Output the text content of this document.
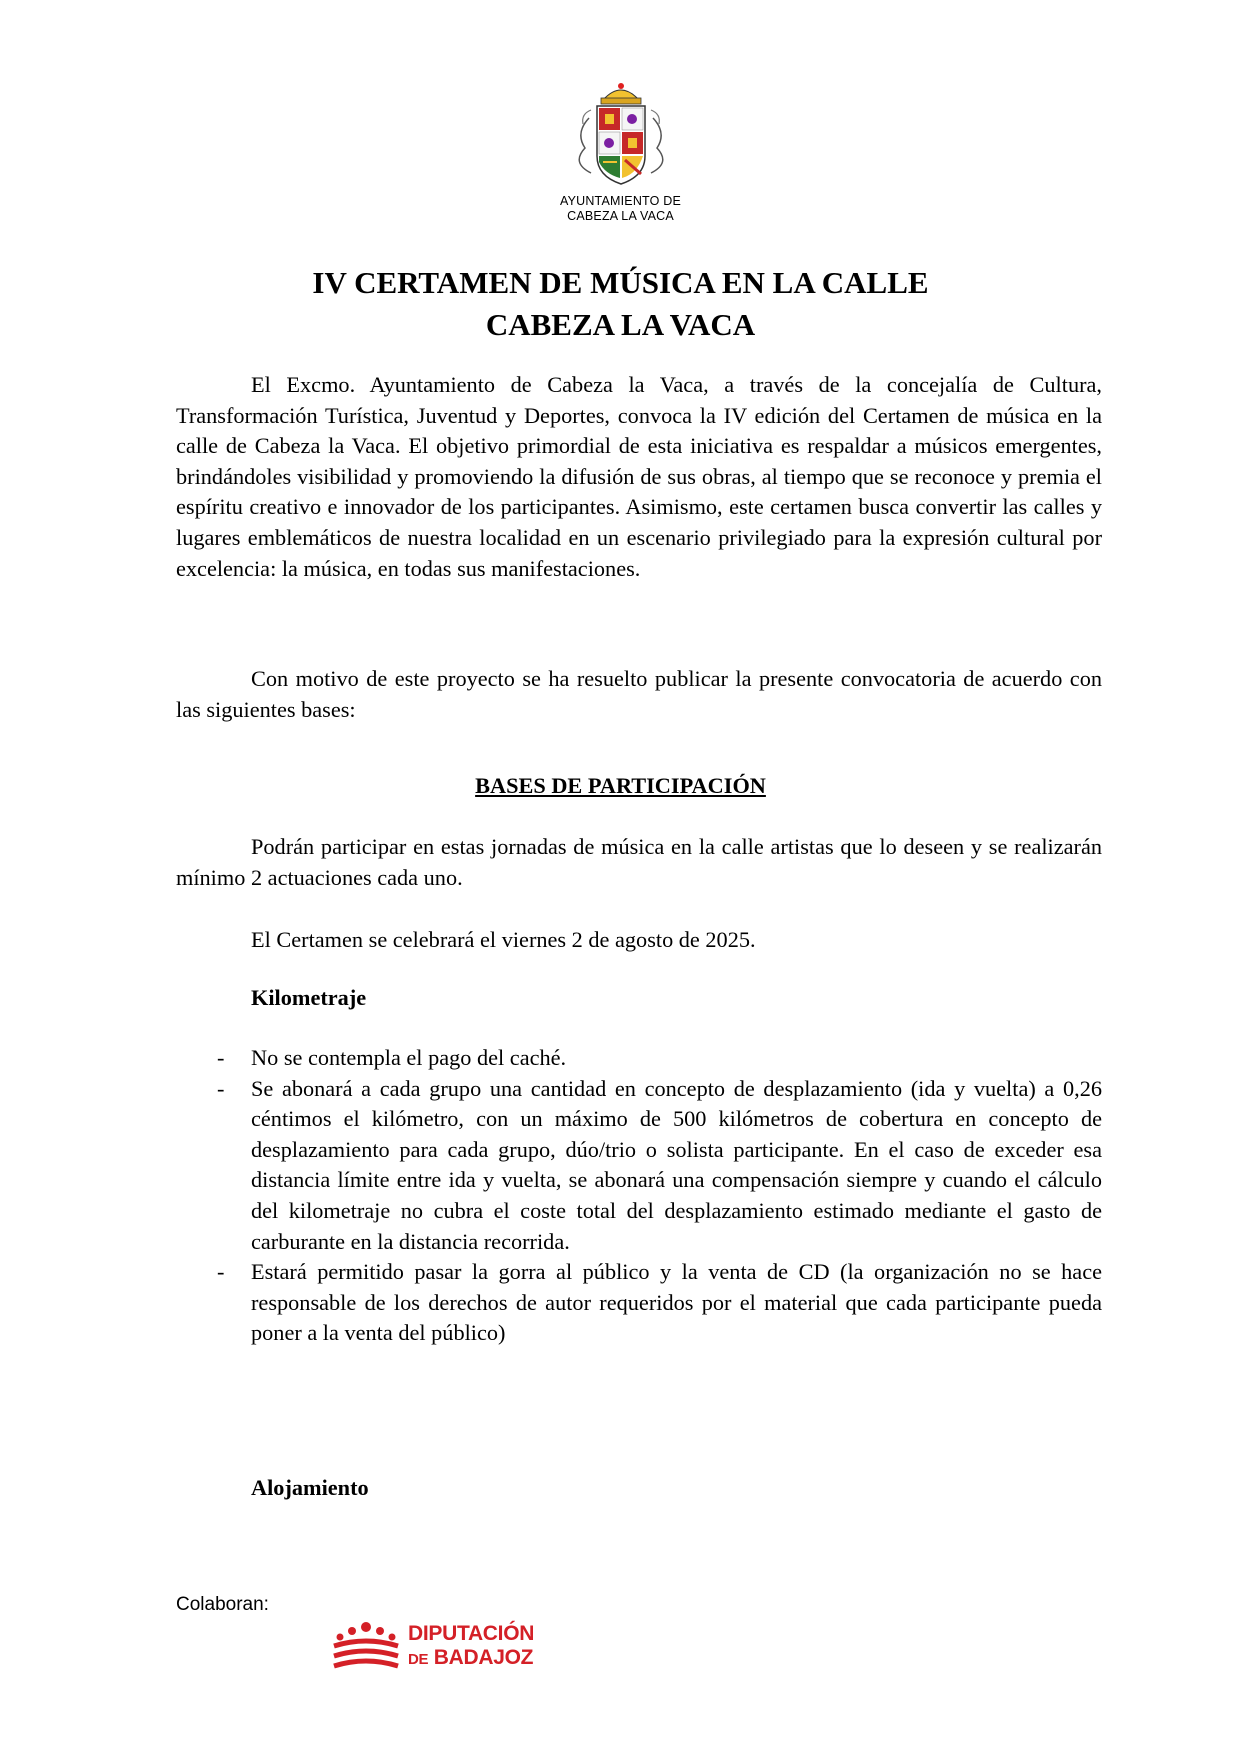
AYUNTAMIENTO DE
CABEZA LA VACA
IV CERTAMEN DE MÚSICA EN LA CALLE
CABEZA LA VACA

El Excmo. Ayuntamiento de Cabeza la Vaca, a través de la concejalía de Cultura, Transformación Turística, Juventud y Deportes, convoca la IV edición del Certamen de música en la calle de Cabeza la Vaca. El objetivo primordial de esta iniciativa es respaldar a músicos emergentes, brindándoles visibilidad y promoviendo la difusión de sus obras, al tiempo que se reconoce y premia el espíritu creativo e innovador de los participantes. Asimismo, este certamen busca convertir las calles y lugares emblemáticos de nuestra localidad en un escenario privilegiado para la expresión cultural por excelencia: la música, en todas sus manifestaciones.

Con motivo de este proyecto se ha resuelto publicar la presente convocatoria de acuerdo con las siguientes bases:

BASES DE PARTICIPACIÓN

Podrán participar en estas jornadas de música en la calle artistas que lo deseen y se realizarán mínimo 2 actuaciones cada uno.

El Certamen se celebrará el viernes 2 de agosto de 2025.

Kilometraje
- No se contempla el pago del caché.
- Se abonará a cada grupo una cantidad en concepto de desplazamiento (ida y vuelta) a 0,26 céntimos el kilómetro, con un máximo de 500 kilómetros de cobertura en concepto de desplazamiento para cada grupo, dúo/trio o solista participante. En el caso de exceder esa distancia límite entre ida y vuelta, se abonará una compensación siempre y cuando el cálculo del kilometraje no cubra el coste total del desplazamiento estimado mediante el gasto de carburante en la distancia recorrida.
- Estará permitido pasar la gorra al público y la venta de CD (la organización no se hace responsable de los derechos de autor requeridos por el material que cada participante pueda poner a la venta del público)
Alojamiento
Colaboran:
DIPUTACIÓN
DE BADAJOZ
